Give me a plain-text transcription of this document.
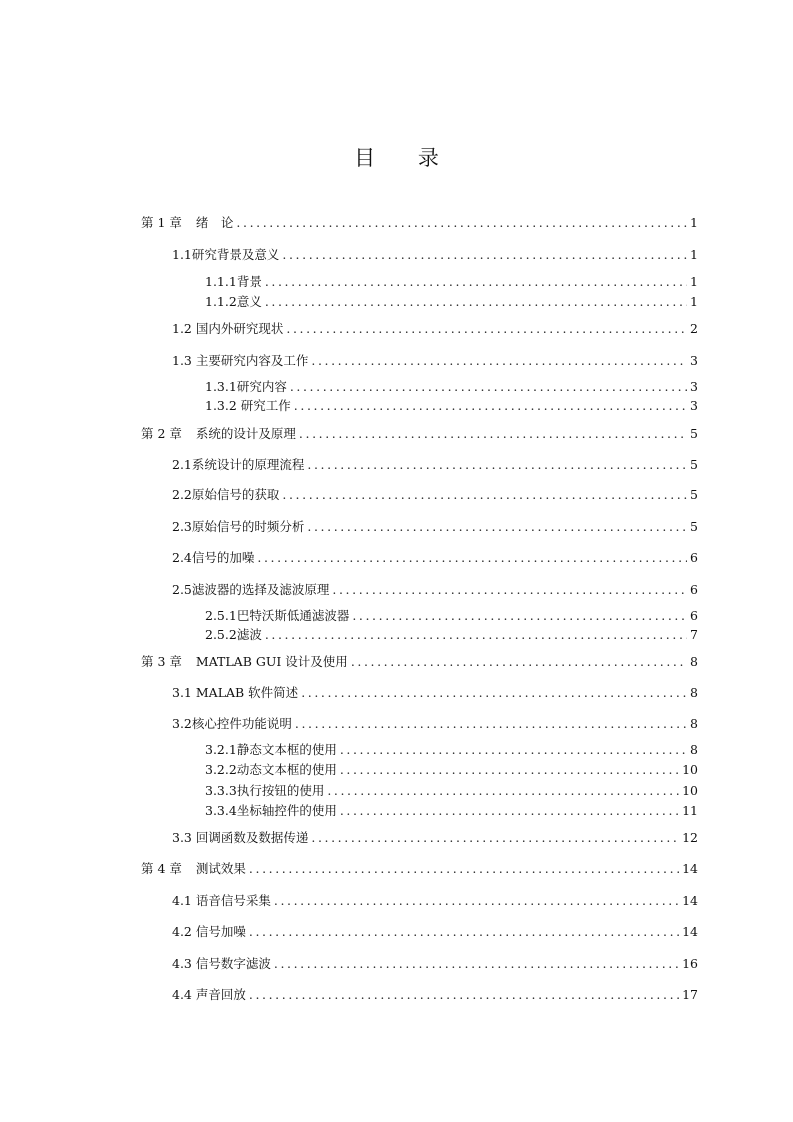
目 录
第 1 章 绪　论 .....	1
1.1研究背景及意义 .....	1
1.1.1背景 .....	1
1.1.2意义 .....	1
1.2 国内外研究现状 .....	2
1.3 主要研究内容及工作 .....	3
1.3.1研究内容 .....	3
1.3.2 研究工作 .....	3
第 2 章 系统的设计及原理 .....	5
2.1系统设计的原理流程 .....	5
2.2原始信号的获取 .....	5
2.3原始信号的时频分析 .....	5
2.4信号的加噪 .....	6
2.5滤波器的选择及滤波原理 .....	6
2.5.1巴特沃斯低通滤波器 .....	6
2.5.2滤波 .....	7
第 3 章 MATLAB GUI 设计及使用 .....	8
3.1 MALAB 软件简述 .....	8
3.2核心控件功能说明 .....	8
3.2.1静态文本框的使用 .....	8
3.2.2动态文本框的使用 .....	10
3.3.3执行按钮的使用 .....	10
3.3.4坐标轴控件的使用 .....	11
3.3 回调函数及数据传递 .....	12
第 4 章 测试效果 .....	14
4.1 语音信号采集 .....	14
4.2 信号加噪 .....	14
4.3 信号数字滤波 .....	16
4.4 声音回放 .....	17
